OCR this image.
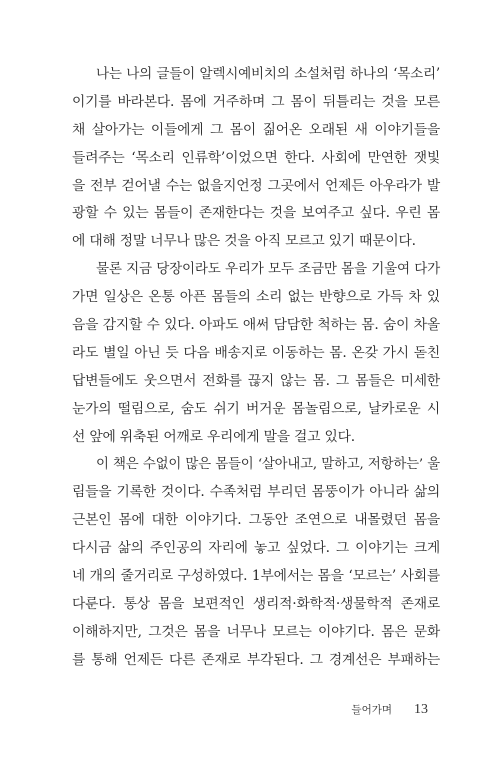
나는 나의 글들이 알렉시예비치의 소설처럼 하나의 ‘목소리’
이기를 바라본다. 몸에 거주하며 그 몸이 뒤틀리는 것을 모른
채 살아가는 이들에게 그 몸이 짊어온 오래된 새 이야기들을
들려주는 ‘목소리 인류학’이었으면 한다. 사회에 만연한 잿빛
을 전부 걷어낼 수는 없을지언정 그곳에서 언제든 아우라가 발
광할 수 있는 몸들이 존재한다는 것을 보여주고 싶다. 우린 몸
에 대해 정말 너무나 많은 것을 아직 모르고 있기 때문이다.
물론 지금 당장이라도 우리가 모두 조금만 몸을 기울여 다가
가면 일상은 온통 아픈 몸들의 소리 없는 반향으로 가득 차 있
음을 감지할 수 있다. 아파도 애써 담담한 척하는 몸. 숨이 차올
라도 별일 아닌 듯 다음 배송지로 이동하는 몸. 온갖 가시 돋친
답변들에도 웃으면서 전화를 끊지 않는 몸. 그 몸들은 미세한
눈가의 떨림으로, 숨도 쉬기 버거운 몸놀림으로, 날카로운 시
선 앞에 위축된 어깨로 우리에게 말을 걸고 있다.
이 책은 수없이 많은 몸들이 ‘살아내고, 말하고, 저항하는’ 울
림들을 기록한 것이다. 수족처럼 부리던 몸뚱이가 아니라 삶의
근본인 몸에 대한 이야기다. 그동안 조연으로 내몰렸던 몸을
다시금 삶의 주인공의 자리에 놓고 싶었다. 그 이야기는 크게
네 개의 줄거리로 구성하였다. 1부에서는 몸을 ‘모르는’ 사회를
다룬다. 통상 몸을 보편적인 생리적·화학적·생물학적 존재로
이해하지만, 그것은 몸을 너무나 모르는 이야기다. 몸은 문화
를 통해 언제든 다른 존재로 부각된다. 그 경계선은 부패하는
들어가며 13
